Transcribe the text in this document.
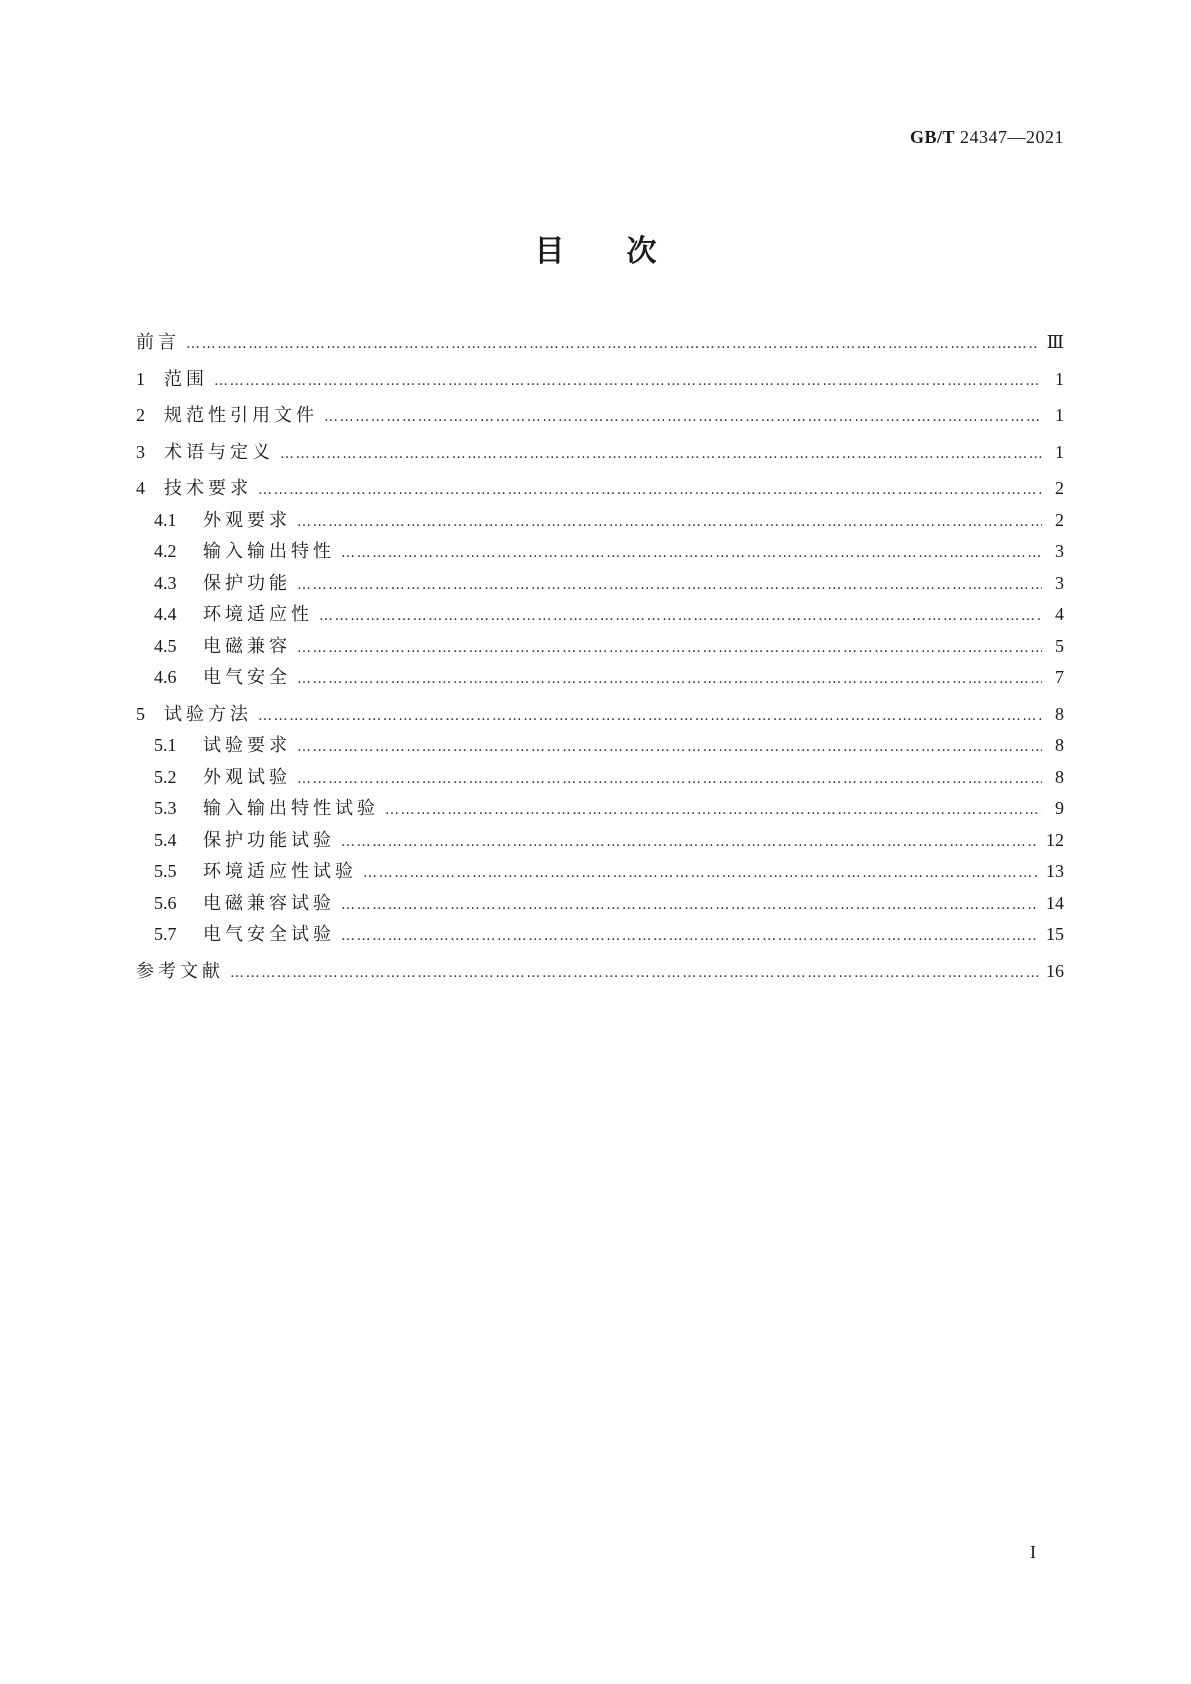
GB/T 24347—2021
目次
前言 ……………………………………………………………………………………………………………………………………………………………………………………………………………………………………………………	Ⅲ
1	范围 ……………………………………………………………………………………………………………………………………………………………………………………………………………………………………………………	1
2	规范性引用文件 ……………………………………………………………………………………………………………………………………………………………………………………………………………………………………………………	1
3	术语与定义 ……………………………………………………………………………………………………………………………………………………………………………………………………………………………………………………	1
4	技术要求 ……………………………………………………………………………………………………………………………………………………………………………………………………………………………………………………	2
4.1	外观要求 ……………………………………………………………………………………………………………………………………………………………………………………………………………………………………………………	2
4.2	输入输出特性 ……………………………………………………………………………………………………………………………………………………………………………………………………………………………………………………	3
4.3	保护功能 ……………………………………………………………………………………………………………………………………………………………………………………………………………………………………………………	3
4.4	环境适应性 ……………………………………………………………………………………………………………………………………………………………………………………………………………………………………………………	4
4.5	电磁兼容 ……………………………………………………………………………………………………………………………………………………………………………………………………………………………………………………	5
4.6	电气安全 ……………………………………………………………………………………………………………………………………………………………………………………………………………………………………………………	7
5	试验方法 ……………………………………………………………………………………………………………………………………………………………………………………………………………………………………………………	8
5.1	试验要求 ……………………………………………………………………………………………………………………………………………………………………………………………………………………………………………………	8
5.2	外观试验 ……………………………………………………………………………………………………………………………………………………………………………………………………………………………………………………	8
5.3	输入输出特性试验 ……………………………………………………………………………………………………………………………………………………………………………………………………………………………………………………	9
5.4	保护功能试验 ……………………………………………………………………………………………………………………………………………………………………………………………………………………………………………………	12
5.5	环境适应性试验 ……………………………………………………………………………………………………………………………………………………………………………………………………………………………………………………	13
5.6	电磁兼容试验 ……………………………………………………………………………………………………………………………………………………………………………………………………………………………………………………	14
5.7	电气安全试验 ……………………………………………………………………………………………………………………………………………………………………………………………………………………………………………………	15
参考文献 ……………………………………………………………………………………………………………………………………………………………………………………………………………………………………………………	16
I
